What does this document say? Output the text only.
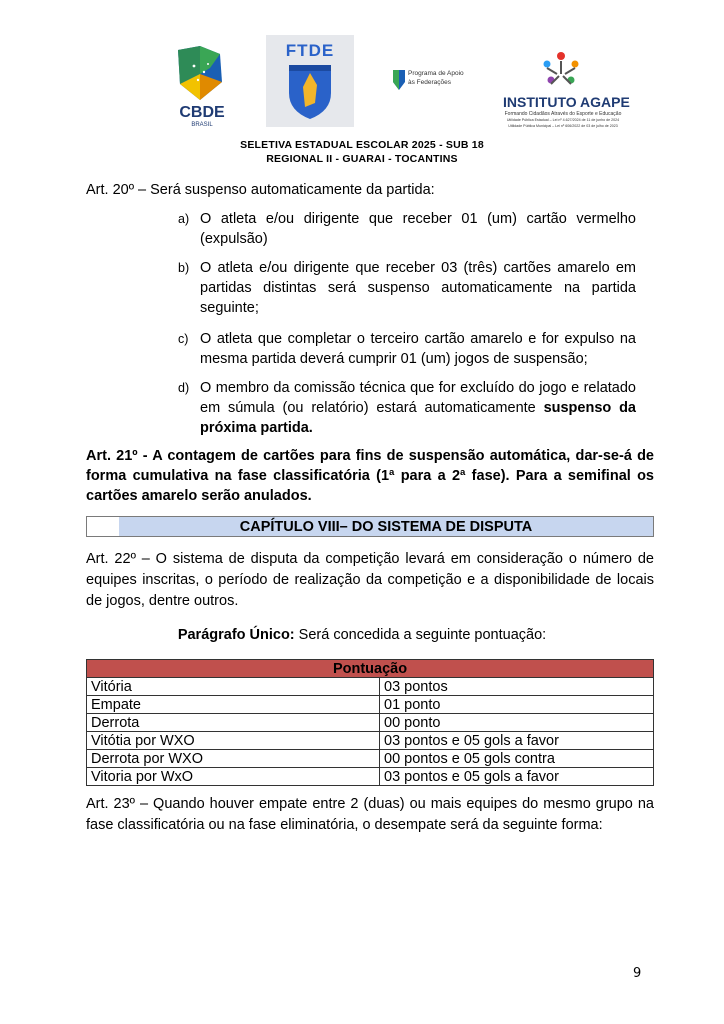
CBDE
BRASIL
FTDE
Programa de Apoio
às Federações
INSTITUTO AGAPE
Formando Cidadãos Através do Esporte e Educação
Utilidade Pública Estadual – Lei nº 4.627/2024 de 11 de junho de 2024
Utilidade Pública Municipal – Lei nº 606/2022 de 03 de julho de 2023
SELETIVA ESTADUAL ESCOLAR 2025 - SUB 18
REGIONAL II - GUARAI - TOCANTINS
Art. 20º – Será suspenso automaticamente da partida:
a) O atleta e/ou dirigente que receber 01 (um) cartão vermelho (expulsão)
b) O atleta e/ou dirigente que receber 03 (três) cartões amarelo em partidas distintas será suspenso automaticamente na partida seguinte;
c) O atleta que completar o terceiro cartão amarelo e for expulso na mesma partida deverá cumprir 01 (um) jogos de suspensão;
d) O membro da comissão técnica que for excluído do jogo e relatado em súmula (ou relatório) estará automaticamente suspenso da próxima partida.
Art. 21º - A contagem de cartões para fins de suspensão automática, dar-se-á de forma cumulativa na fase classificatória (1ª para a 2ª fase). Para a semifinal os cartões amarelo serão anulados.
CAPÍTULO VIII– DO SISTEMA DE DISPUTA
Art. 22º – O sistema de disputa da competição levará em consideração o número de equipes inscritas, o período de realização da competição e a disponibilidade de locais de jogos, dentre outros.
Parágrafo Único: Será concedida a seguinte pontuação:
Pontuação	
Vitória	03 pontos
Empate	01 ponto
Derrota	00 ponto
Vitótia por WXO	03 pontos e 05 gols a favor
Derrota por WXO	00 pontos e 05 gols contra
Vitoria por WxO	03 pontos e 05 gols a favor
Art. 23º – Quando houver empate entre 2 (duas) ou mais equipes do mesmo grupo na fase classificatória ou na fase eliminatória, o desempate será da seguinte forma:
9
